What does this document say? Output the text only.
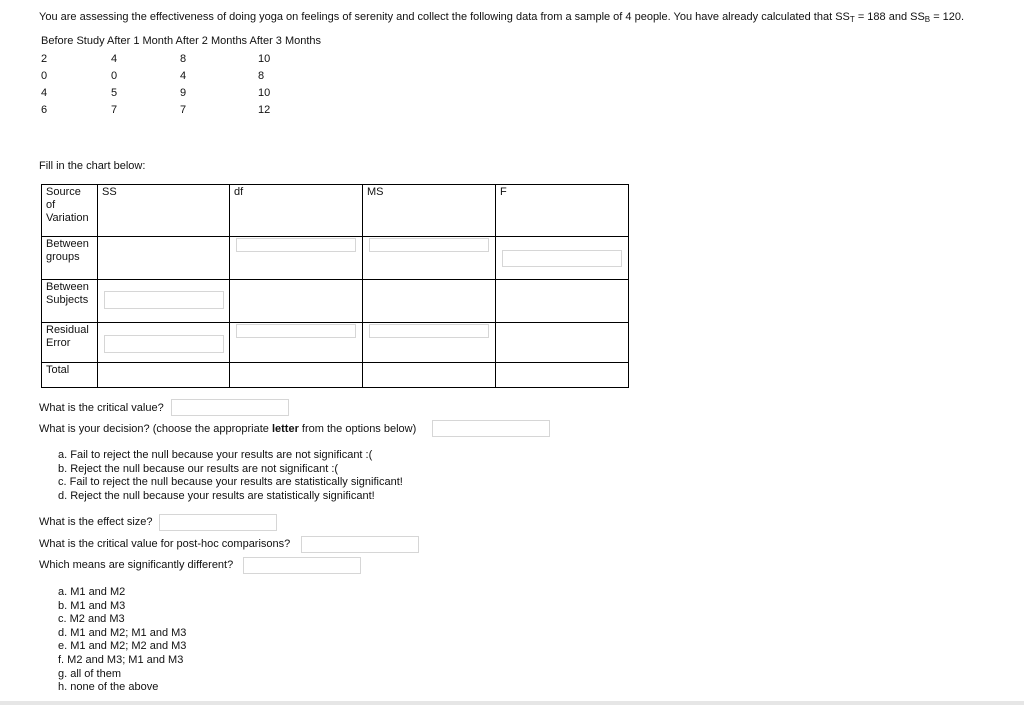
You are assessing the effectiveness of doing yoga on feelings of serenity and collect the following data from a sample of 4 people. You have already calculated that $SS_T = 188$ and $SS_B = 120$.
Before Study After 1 Month After 2 Months After 3 Months
2	4	8	10
0	0	4	8
4	5	9	10
6	7	7	12
Fill in the chart below:
Source of Variation	SS	df	MS	F
Between groups		

Between Subjects	

Residual Error	

Total				
What is the critical value?
What is your decision? (choose the appropriate letter from the options below)
a. Fail to reject the null because your results are not significant :(
b. Reject the null because our results are not significant :(
c. Fail to reject the null because your results are statistically significant!
d. Reject the null because your results are statistically significant!
What is the effect size?
What is the critical value for post-hoc comparisons?
Which means are significantly different?
a. M1 and M2
b. M1 and M3
c. M2 and M3
d. M1 and M2; M1 and M3
e. M1 and M2; M2 and M3
f. M2 and M3; M1 and M3
g. all of them
h. none of the above
